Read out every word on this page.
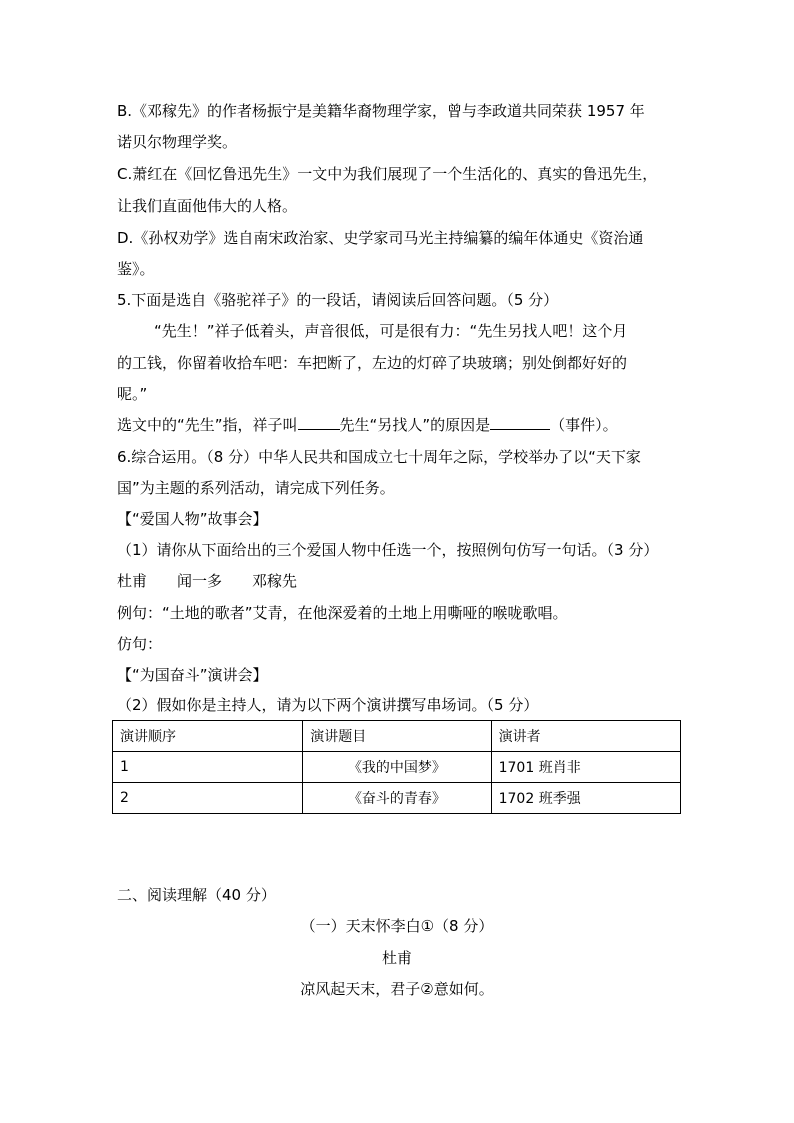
B.《邓稼先》的作者杨振宁是美籍华裔物理学家，曾与李政道共同荣获 1957 年
诺贝尔物理学奖。
C.萧红在《回忆鲁迅先生》一文中为我们展现了一个生活化的、真实的鲁迅先生，
让我们直面他伟大的人格。
D.《孙权劝学》选自南宋政治家、史学家司马光主持编纂的编年体通史《资治通
鉴》。
5.下面是选自《骆驼祥子》的一段话，请阅读后回答问题。（5 分）
“先生！”祥子低着头，声音很低，可是很有力：“先生另找人吧！这个月
的工钱，你留着收拾车吧：车把断了，左边的灯碎了块玻璃；别处倒都好好的
呢。”
选文中的“先生”指，祥子叫	先生“另找人”的原因是	（事件）。
6.综合运用。（8 分）中华人民共和国成立七十周年之际，学校举办了以“天下家
国”为主题的系列活动，请完成下列任务。
【“爱国人物”故事会】
（1）请你从下面给出的三个爱国人物中任选一个，按照例句仿写一句话。（3 分）
杜甫 闻一多 邓稼先
例句：“土地的歌者”艾青，在他深爱着的土地上用嘶哑的喉咙歌唱。
仿句：
【“为国奋斗”演讲会】
（2）假如你是主持人，请为以下两个演讲撰写串场词。（5 分）
演讲顺序	演讲题目	演讲者
1	《我的中国梦》	1701 班肖非
2	《奋斗的青春》	1702 班季强
二、阅读理解（40 分）
（一）天末怀李白①（8 分）
杜甫
凉风起天末，君子②意如何。
